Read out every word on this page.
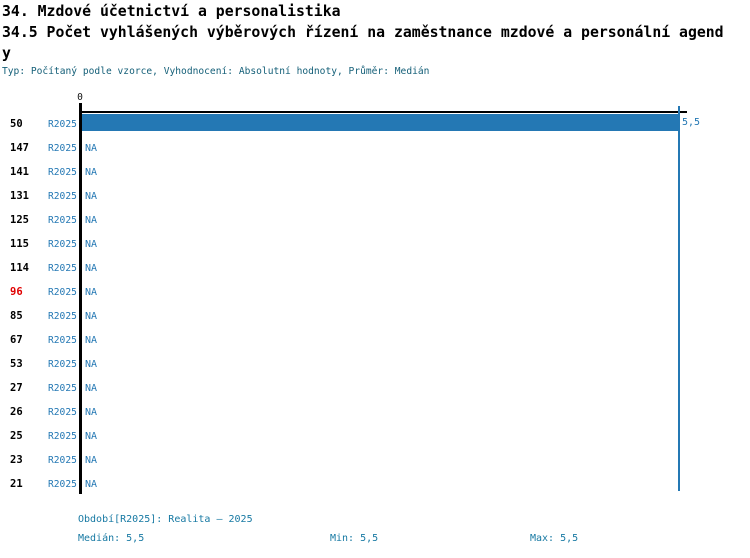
34. Mzdové účetnictví a personalistika
34.5 Počet vyhlášených výběrových řízení na zaměstnance mzdové a personální agend
y
Typ: Počítaný podle vzorce, Vyhodnocení: Absolutní hodnoty, Průměr: Medián
0
50	R2025	5,5
147 R2025 NA
141 R2025 NA
131 R2025 NA
125 R2025 NA
115 R2025 NA
114 R2025 NA
96	R2025 NA
85	R2025 NA
67	R2025 NA
53	R2025 NA
27	R2025 NA
26	R2025 NA
25	R2025 NA
23	R2025 NA
21	R2025 NA
Období[R2025]: Realita – 2025
Medián: 5,5	Min: 5,5	Max: 5,5
